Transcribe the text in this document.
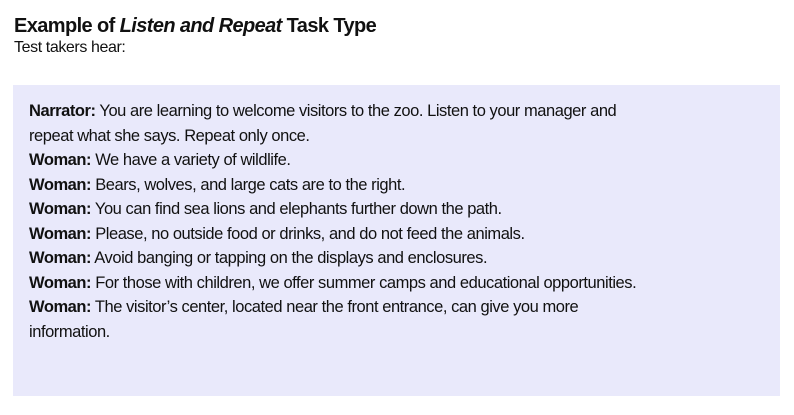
Example of Listen and Repeat Task Type
Test takers hear:
Narrator: You are learning to welcome visitors to the zoo. Listen to your manager and
repeat what she says. Repeat only once.
Woman: We have a variety of wildlife.
Woman: Bears, wolves, and large cats are to the right.
Woman: You can find sea lions and elephants further down the path.
Woman: Please, no outside food or drinks, and do not feed the animals.
Woman: Avoid banging or tapping on the displays and enclosures.
Woman: For those with children, we offer summer camps and educational opportunities.
Woman: The visitor’s center, located near the front entrance, can give you more
information.
